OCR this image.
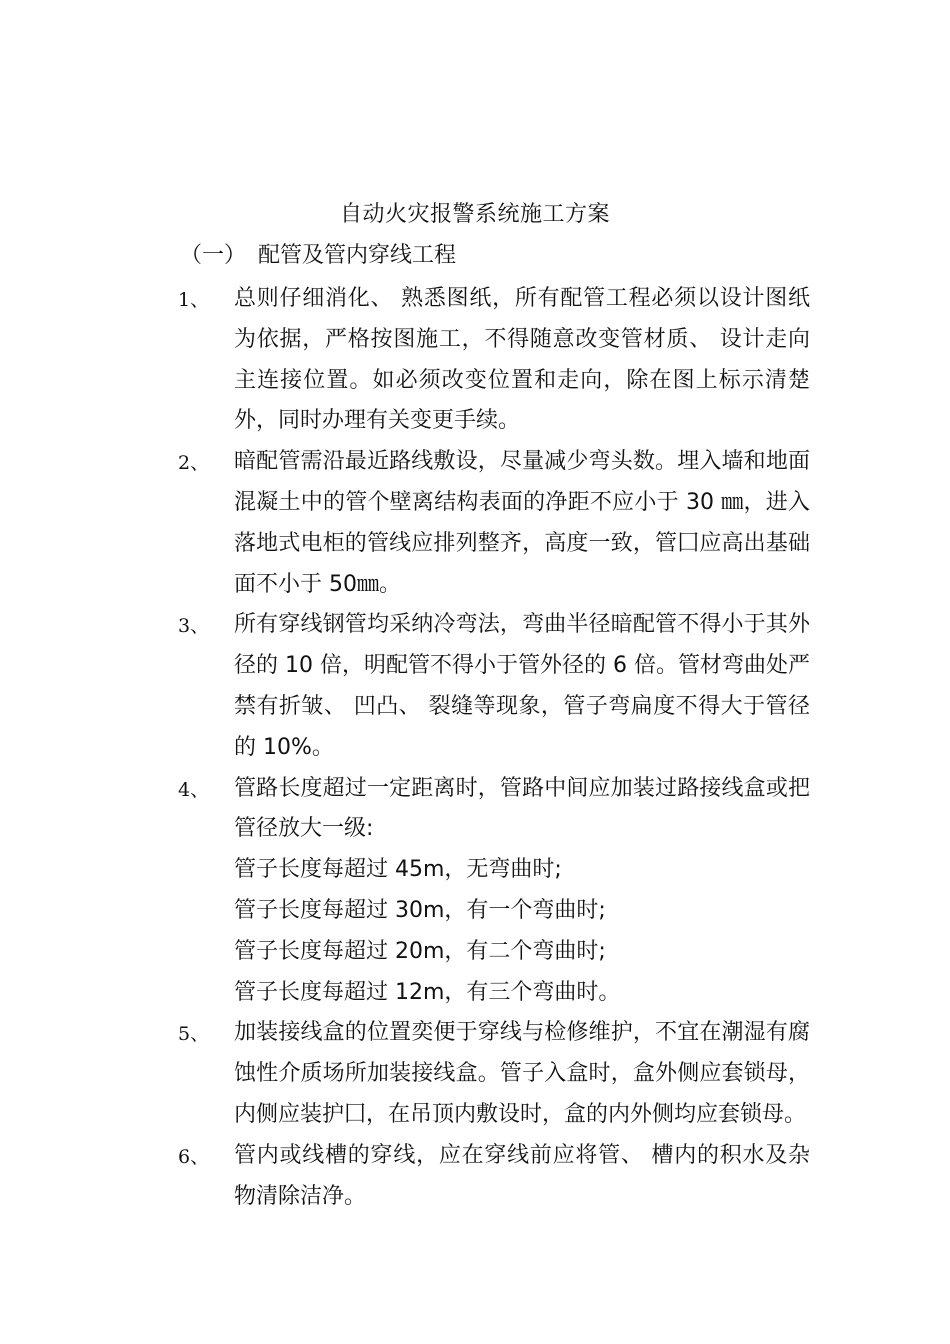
自动火灾报警系统施工方案
（一） 配管及管内穿线工程
1、	总则仔细消化、 熟悉图纸，所有配管工程必须以设计图纸为依据，严格按图施工，不得随意改变管材质、 设计走向主连接位置。如必须改变位置和走向，除在图上标示清楚外，同时办理有关变更手续。
2、	暗配管需沿最近路线敷设，尽量减少弯头数。埋入墙和地面混凝土中的管个壁离结构表面的净距不应小于 30 ㎜，进入落地式电柜的管线应排列整齐，高度一致，管囗应高出基础面不小于 50㎜。
3、	所有穿线钢管均采纳冷弯法，弯曲半径暗配管不得小于其外径的 10 倍，明配管不得小于管外径的 6 倍。管材弯曲处严禁有折皱、 凹凸、 裂缝等现象，管子弯扁度不得大于管径的 10%。
4、	管路长度超过一定距离时，管路中间应加装过路接线盒或把管径放大一级:
管子长度每超过 45m，无弯曲时;
管子长度每超过 30m，有一个弯曲时;
管子长度每超过 20m，有二个弯曲时;
管子长度每超过 12m，有三个弯曲时。
5、	加装接线盒的位置奕便于穿线与检修维护，不宜在潮湿有腐蚀性介质场所加装接线盒。管子入盒时，盒外侧应套锁母，内侧应装护囗，在吊顶内敷设时，盒的内外侧均应套锁母。
6、	管内或线槽的穿线，应在穿线前应将管、 槽内的积水及杂物清除洁净。
